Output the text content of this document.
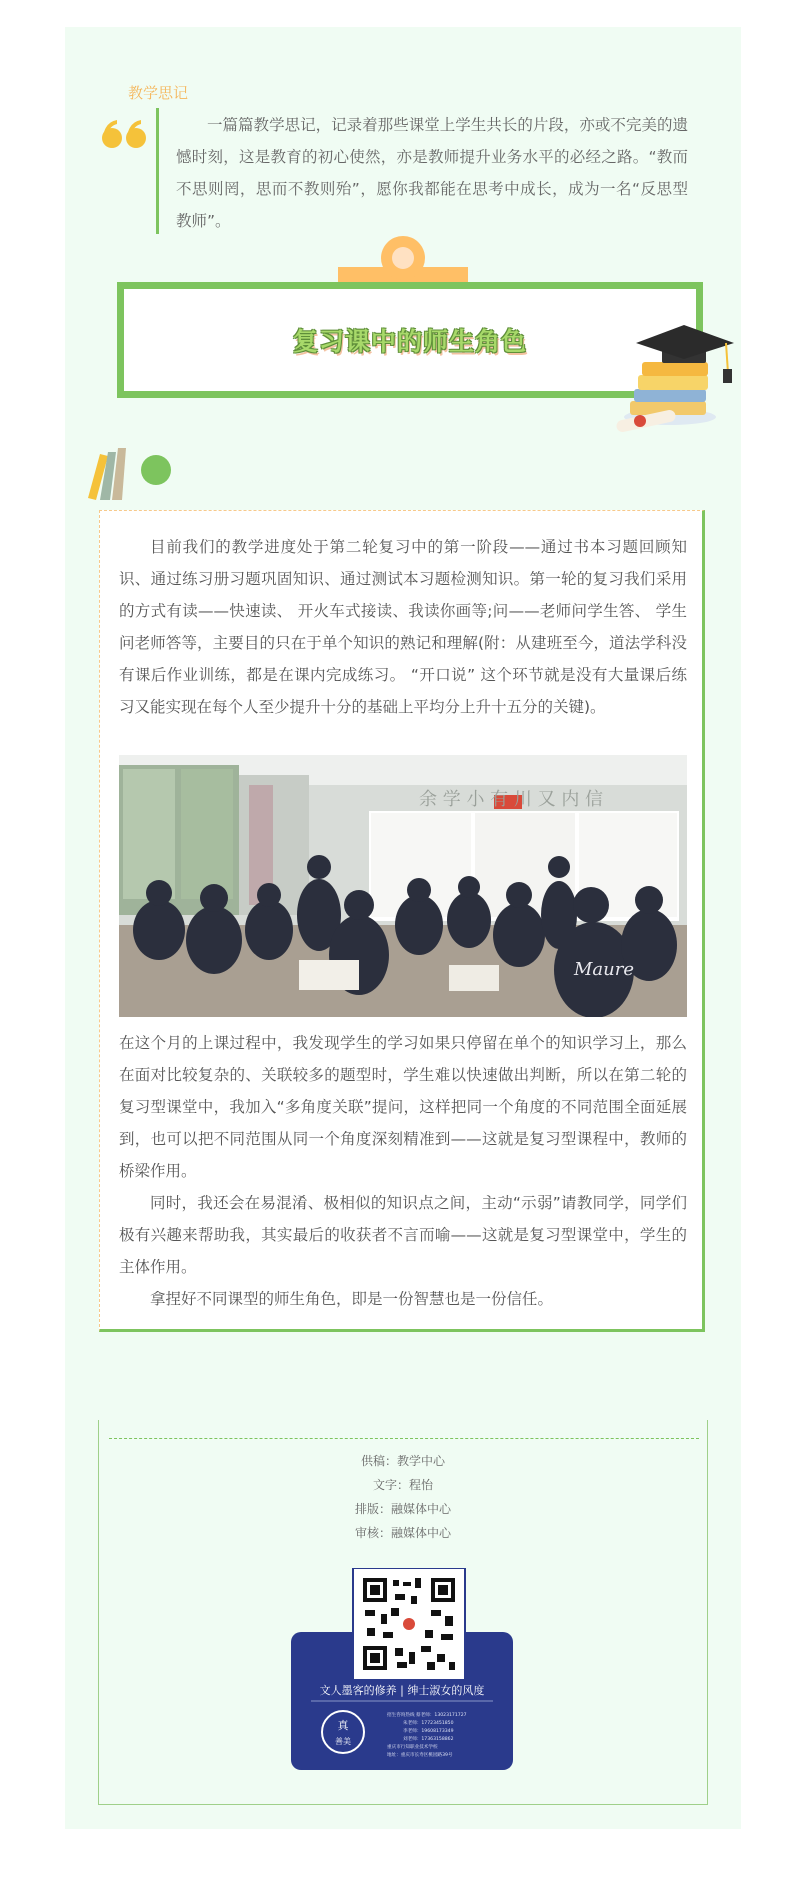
教学思记

一篇篇教学思记，记录着那些课堂上学生共长的片段，亦或不完美的遗憾时刻，这是教育的初心使然，亦是教师提升业务水平的必经之路。“教而不思则罔，思而不教则殆”，愿你我都能在思考中成长，成为一名“反思型教师”。

复习课中的师生角色

目前我们的教学进度处于第二轮复习中的第一阶段——通过书本习题回顾知识、通过练习册习题巩固知识、通过测试本习题检测知识。第一轮的复习我们采用的方式有读——快速读、 开火车式接读、我读你画等;问——老师问学生答、 学生问老师答等，主要目的只在于单个知识的熟记和理解(附：从建班至今，道法学科没有课后作业训练，都是在课内完成练习。 “开口说” 这个环节就是没有大量课后练习又能实现在每个人至少提升十分的基础上平均分上升十五分的关键)。

余 学 小 有 川 又 内 信
Maure

在这个月的上课过程中，我发现学生的学习如果只停留在单个的知识学习上，那么在面对比较复杂的、关联较多的题型时，学生难以快速做出判断，所以在第二轮的复习型课堂中，我加入“多角度关联”提问，这样把同一个角度的不同范围全面延展到，也可以把不同范围从同一个角度深刻精准到——这就是复习型课程中，教师的桥梁作用。

同时，我还会在易混淆、极相似的知识点之间，主动“示弱”请教同学，同学们极有兴趣来帮助我，其实最后的收获者不言而喻——这就是复习型课堂中，学生的主体作用。

拿捏好不同课型的师生角色，即是一份智慧也是一份信任。

供稿：教学中心
文字：程怡
排版：融媒体中心
审核：融媒体中心
文人墨客的修养 | 绅士淑女的风度
真
善美
招生咨询热线 蔡老师：13023171727
朱老师：17723451850
李老师：19608173349
刘老师：17363158862
重庆市行知职业技术学校
地址：重庆市长寿区桃园路39号
